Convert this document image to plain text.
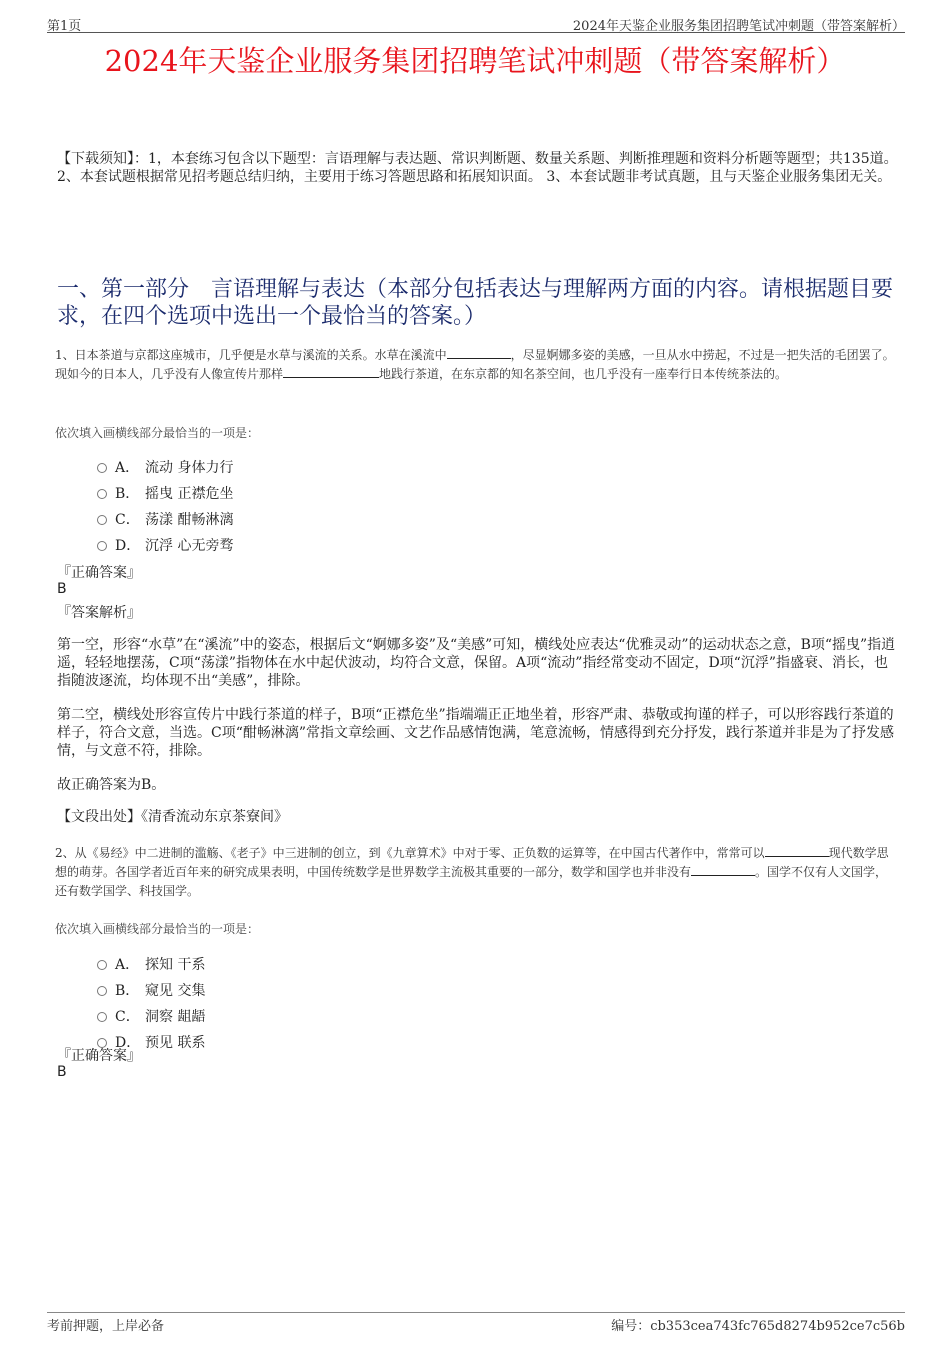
第1页	2024年天鉴企业服务集团招聘笔试冲刺题（带答案解析）
2024年天鉴企业服务集团招聘笔试冲刺题（带答案解析）
【下载须知】：1，本套练习包含以下题型：言语理解与表达题、常识判断题、数量关系题、判断推理题和资料分析题等题型；共135道。 2、本套试题根据常见招考题总结归纳，主要用于练习答题思路和拓展知识面。 3、本套试题非考试真题，且与天鉴企业服务集团无关。
一、第一部分　言语理解与表达（本部分包括表达与理解两方面的内容。请根据题目要求，在四个选项中选出一个最恰当的答案。）
1、日本茶道与京都这座城市，几乎便是水草与溪流的关系。水草在溪流中	，尽显婀娜多姿的美感，一旦从水中捞起，不过是一把失活的毛团罢了。现如今的日本人，几乎没有人像宣传片那样	地践行茶道，在东京都的知名茶空间，也几乎没有一座奉行日本传统茶法的。
依次填入画横线部分最恰当的一项是：
A． 流动 身体力行
B． 摇曳 正襟危坐
C． 荡漾 酣畅淋漓
D． 沉浮 心无旁骛
『正确答案』
B
『答案解析』
第一空，形容“水草”在“溪流”中的姿态，根据后文“婀娜多姿”及“美感”可知，横线处应表达“优雅灵动”的运动状态之意，B项“摇曳”指逍遥，轻轻地摆荡，C项“荡漾”指物体在水中起伏波动，均符合文意，保留。A项“流动”指经常变动不固定，D项“沉浮”指盛衰、消长，也指随波逐流，均体现不出“美感”，排除。
第二空，横线处形容宣传片中践行茶道的样子，B项“正襟危坐”指端端正正地坐着，形容严肃、恭敬或拘谨的样子，可以形容践行茶道的样子，符合文意，当选。C项“酣畅淋漓”常指文章绘画、文艺作品感情饱满，笔意流畅，情感得到充分抒发，践行茶道并非是为了抒发感情，与文意不符，排除。
故正确答案为B。
【文段出处】《清香流动东京茶寮间》
2、从《易经》中二进制的滥觞、《老子》中三进制的创立，到《九章算术》中对于零、正负数的运算等，在中国古代著作中，常常可以	现代数学思想的萌芽。各国学者近百年来的研究成果表明，中国传统数学是世界数学主流极其重要的一部分，数学和国学也并非没有	。国学不仅有人文国学，还有数学国学、科技国学。
依次填入画横线部分最恰当的一项是：
A． 探知 干系
B． 窥见 交集
C． 洞察 龃龉
D． 预见 联系
『正确答案』
B
考前押题，上岸必备	编号：cb353cea743fc765d8274b952ce7c56b
